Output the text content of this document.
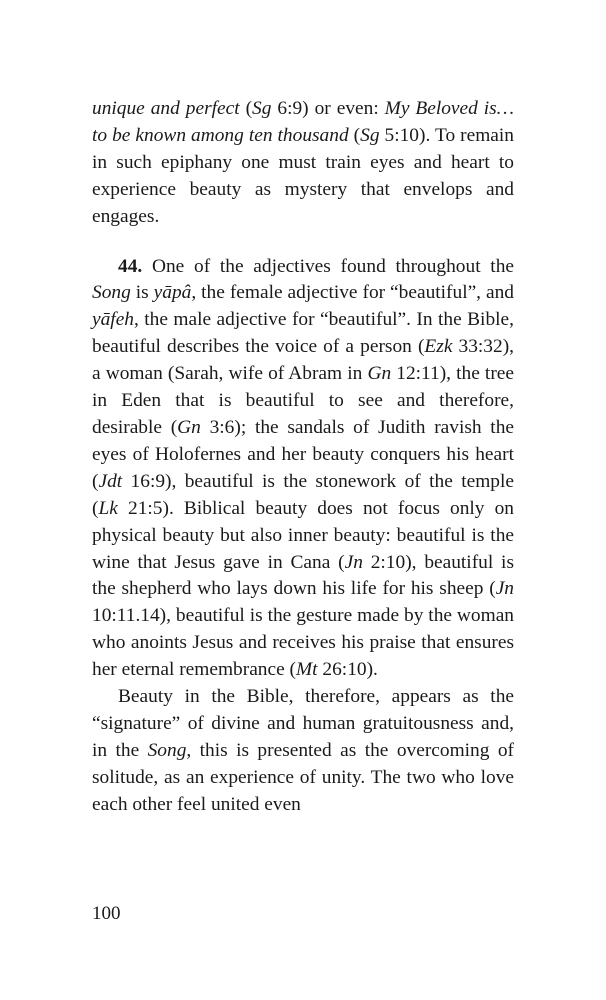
unique and perfect (Sg 6:9) or even: My Beloved is… to be known among ten thousand (Sg 5:10). To remain in such epiphany one must train eyes and heart to experience beauty as mystery that envelops and engages.

44. One of the adjectives found throughout the Song is yāpâ, the female adjective for “beautiful”, and yāfeh, the male adjective for “beautiful”. In the Bible, beautiful describes the voice of a person (Ezk 33:32), a woman (Sarah, wife of Abram in Gn 12:11), the tree in Eden that is beautiful to see and therefore, desirable (Gn 3:6); the sandals of Judith ravish the eyes of Holofernes and her beauty conquers his heart (Jdt 16:9), beautiful is the stonework of the temple (Lk 21:5). Biblical beauty does not focus only on physical beauty but also inner beauty: beautiful is the wine that Jesus gave in Cana (Jn 2:10), beautiful is the shepherd who lays down his life for his sheep (Jn 10:11.14), beautiful is the gesture made by the woman who anoints Jesus and receives his praise that ensures her eternal remembrance (Mt 26:10).

Beauty in the Bible, therefore, appears as the “signature” of divine and human gratuitousness and, in the Song, this is presented as the overcoming of solitude, as an experience of unity. The two who love each other feel united even

100
